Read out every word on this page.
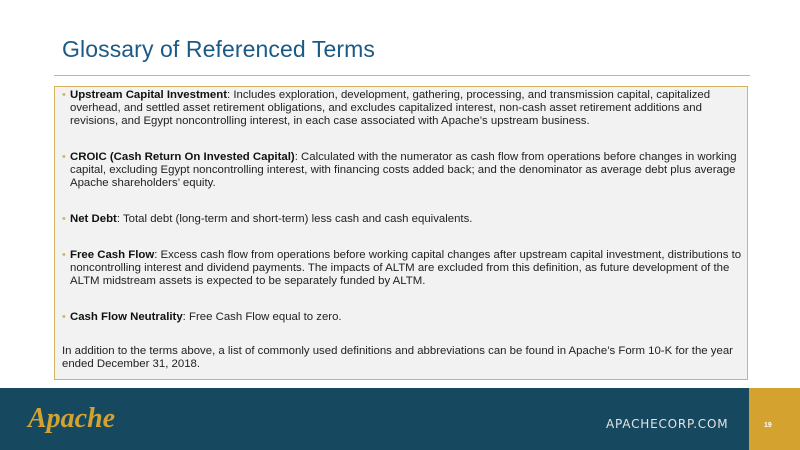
Glossary of Referenced Terms
• Upstream Capital Investment: Includes exploration, development, gathering, processing, and transmission capital, capitalized overhead, and settled asset retirement obligations, and excludes capitalized interest, non-cash asset retirement additions and revisions, and Egypt noncontrolling interest, in each case associated with Apache’s upstream business.
• CROIC (Cash Return On Invested Capital): Calculated with the numerator as cash flow from operations before changes in working capital, excluding Egypt noncontrolling interest, with financing costs added back; and the denominator as average debt plus average Apache shareholders’ equity.
• Net Debt: Total debt (long-term and short-term) less cash and cash equivalents.
• Free Cash Flow: Excess cash flow from operations before working capital changes after upstream capital investment, distributions to noncontrolling interest and dividend payments. The impacts of ALTM are excluded from this definition, as future development of the ALTM midstream assets is expected to be separately funded by ALTM.
• Cash Flow Neutrality: Free Cash Flow equal to zero.

In addition to the terms above, a list of commonly used definitions and abbreviations can be found in Apache’s Form 10-K for the year ended December 31, 2018.

Apache	APACHECORP.COM	19
